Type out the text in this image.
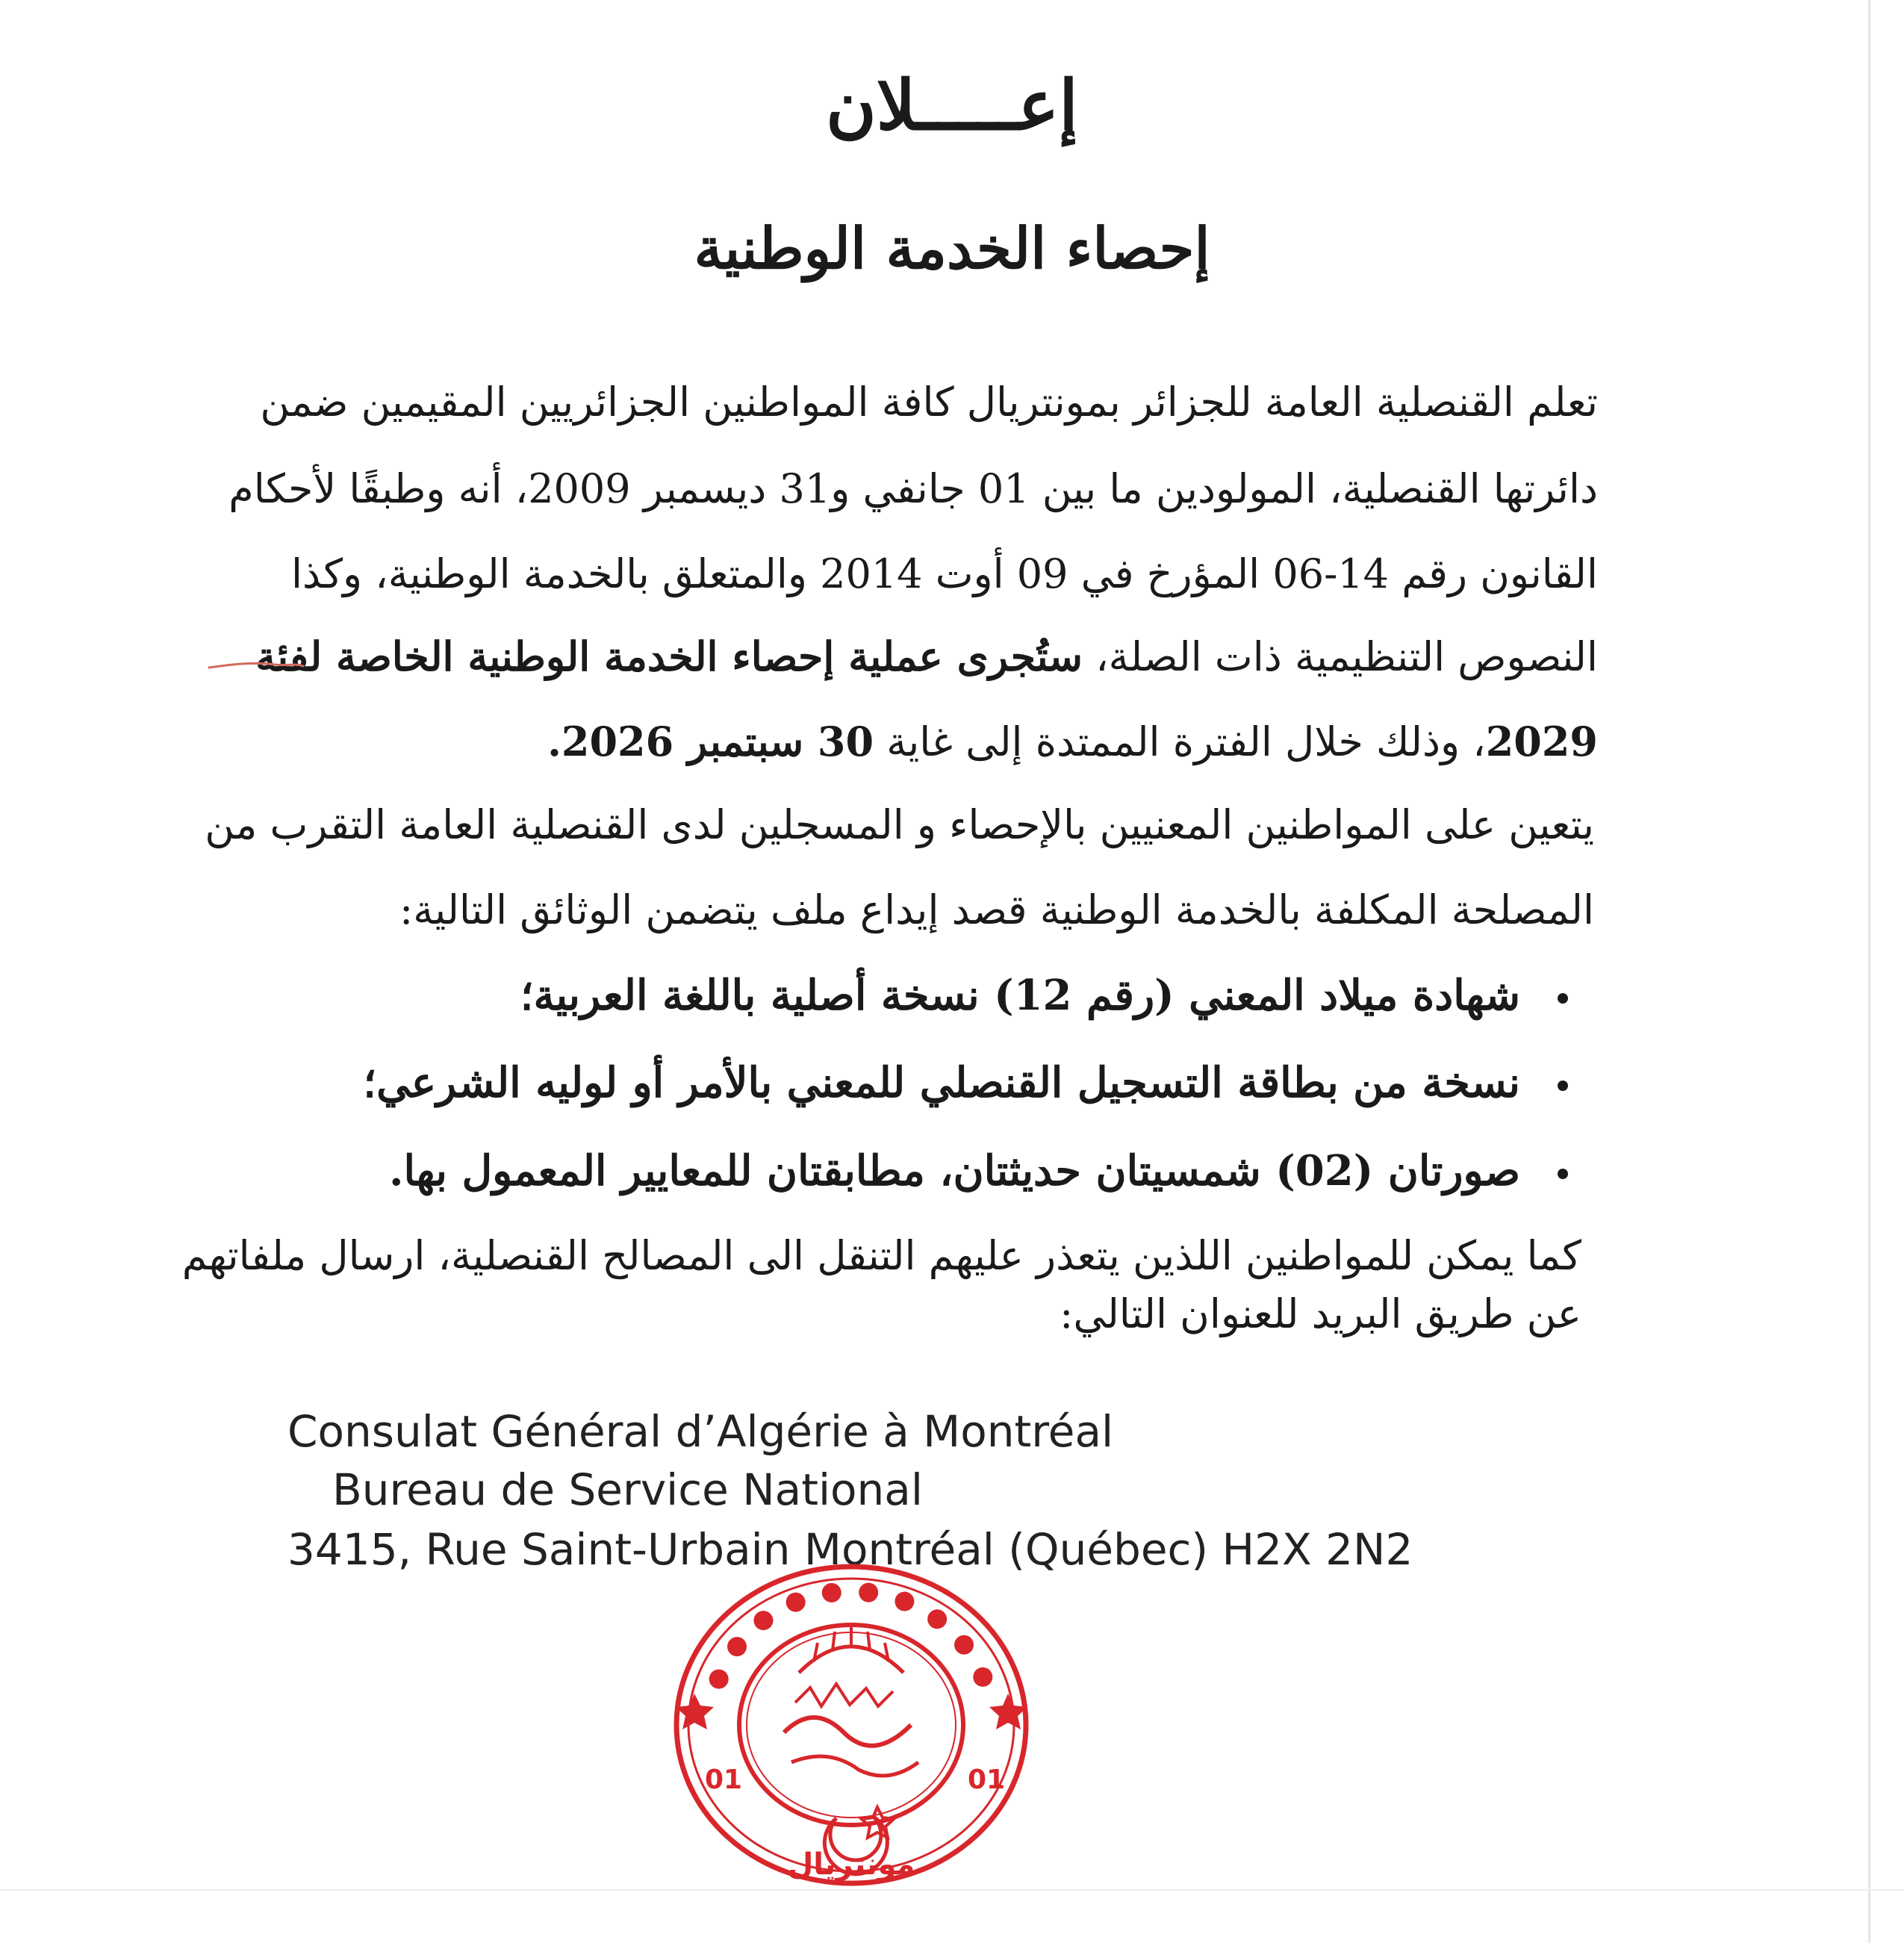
إعـــــلان
إحصاء الخدمة الوطنية

تعلم القنصلية العامة للجزائر بمونتريال كافة المواطنين الجزائريين المقيمين ضمن

دائرتها القنصلية، المولودين ما بين 01 جانفي و31 ديسمبر 2009، أنه وطبقًا لأحكام

القانون رقم 14-06 المؤرخ في 09 أوت 2014 والمتعلق بالخدمة الوطنية، وكذا

النصوص التنظيمية ذات الصلة، ستُجرى عملية إحصاء الخدمة الوطنية الخاصة لفئة

2029، وذلك خلال الفترة الممتدة إلى غاية 30 سبتمبر 2026.

يتعين على المواطنين المعنيين بالإحصاء و المسجلين لدى القنصلية العامة التقرب من

المصلحة المكلفة بالخدمة الوطنية قصد إيداع ملف يتضمن الوثائق التالية:

شهادة ميلاد المعني (رقم 12) نسخة أصلية باللغة العربية؛
نسخة من بطاقة التسجيل القنصلي للمعني بالأمر أو لوليه الشرعي؛
صورتان (02) شمسيتان حديثتان، مطابقتان للمعايير المعمول بها.

كما يمكن للمواطنين اللذين يتعذر عليهم التنقل الى المصالح القنصلية، ارسال ملفاتهم

عن طريق البريد للعنوان التالي:

Consulat Général d’Algérie à Montréal
Bureau de Service National
3415, Rue Saint-Urbain Montréal (Québec) H2X 2N2
● ● ● ● ● ● ● ● ● ●
01	01
مونتريال
